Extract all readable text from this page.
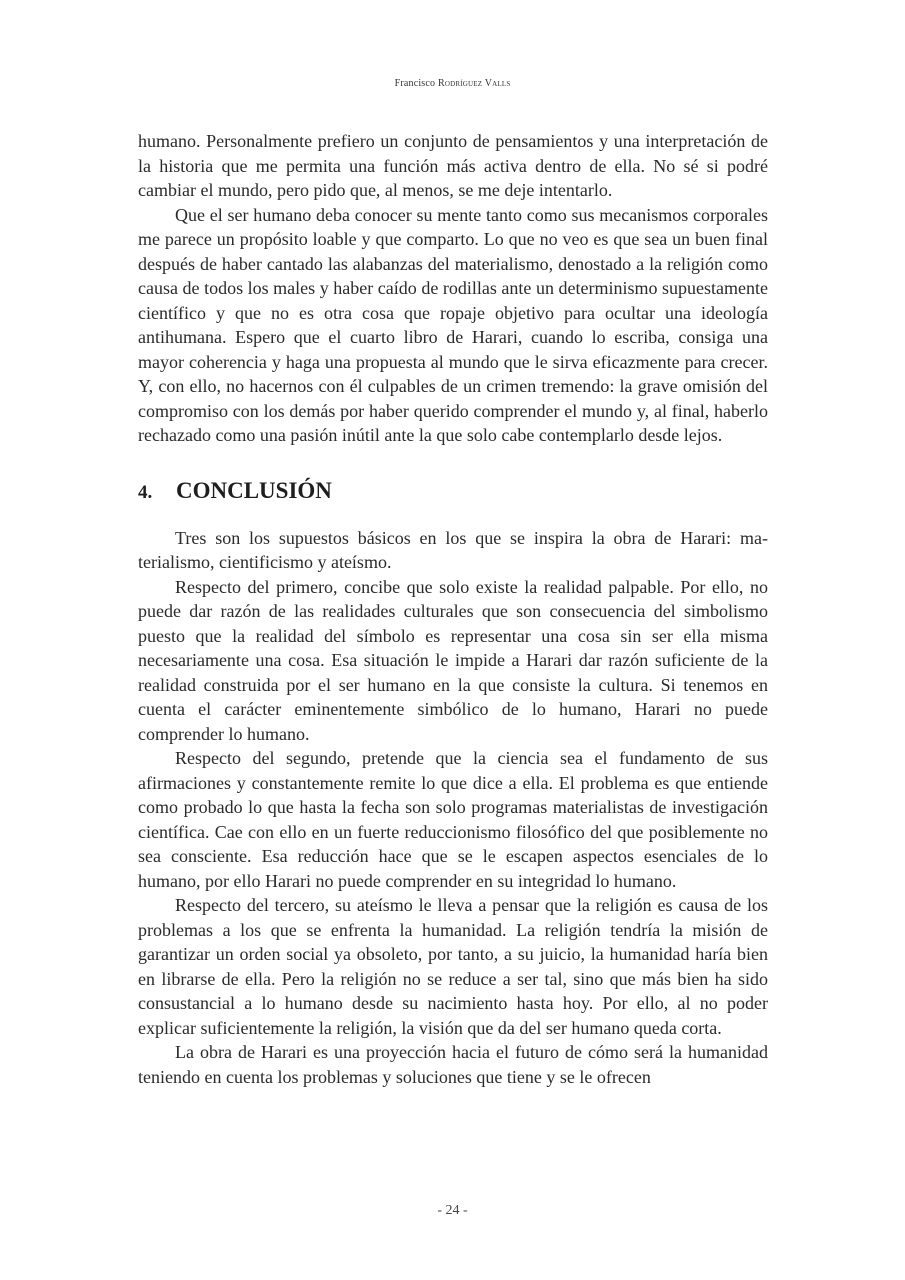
Francisco Rodríguez Valls

humano. Personalmente prefiero un conjunto de pensamientos y una interpretación de la historia que me permita una función más activa dentro de ella. No sé si podré cambiar el mundo, pero pido que, al menos, se me deje intentarlo.

Que el ser humano deba conocer su mente tanto como sus mecanismos corporales me parece un propósito loable y que comparto. Lo que no veo es que sea un buen final después de haber cantado las alabanzas del materialismo, denostado a la religión como causa de todos los males y haber caído de rodillas ante un determinismo supuestamente científico y que no es otra cosa que ropaje objetivo para ocultar una ideología antihumana. Espero que el cuarto libro de Harari, cuando lo escriba, consiga una mayor coherencia y haga una propuesta al mundo que le sirva eficazmente para crecer. Y, con ello, no hacernos con él culpables de un crimen tremendo: la grave omisión del compromiso con los demás por haber querido comprender el mundo y, al final, haberlo rechazado como una pasión inútil ante la que solo cabe contemplarlo desde lejos.

4.	CONCLUSIÓN

Tres son los supuestos básicos en los que se inspira la obra de Harari: materialismo, cientificismo y ateísmo.

Respecto del primero, concibe que solo existe la realidad palpable. Por ello, no puede dar razón de las realidades culturales que son consecuencia del simbolismo puesto que la realidad del símbolo es representar una cosa sin ser ella misma necesariamente una cosa. Esa situación le impide a Harari dar razón suficiente de la realidad construida por el ser humano en la que consiste la cultura. Si tenemos en cuenta el carácter eminentemente simbólico de lo humano, Harari no puede comprender lo humano.

Respecto del segundo, pretende que la ciencia sea el fundamento de sus afirmaciones y constantemente remite lo que dice a ella. El problema es que entiende como probado lo que hasta la fecha son solo programas materialistas de investigación científica. Cae con ello en un fuerte reduccionismo filosófico del que posiblemente no sea consciente. Esa reducción hace que se le escapen aspectos esenciales de lo humano, por ello Harari no puede comprender en su integridad lo humano.

Respecto del tercero, su ateísmo le lleva a pensar que la religión es causa de los problemas a los que se enfrenta la humanidad. La religión tendría la misión de garantizar un orden social ya obsoleto, por tanto, a su juicio, la humanidad haría bien en librarse de ella. Pero la religión no se reduce a ser tal, sino que más bien ha sido consustancial a lo humano desde su nacimiento hasta hoy. Por ello, al no poder explicar suficientemente la religión, la visión que da del ser humano queda corta.

La obra de Harari es una proyección hacia el futuro de cómo será la humanidad teniendo en cuenta los problemas y soluciones que tiene y se le ofrecen

- 24 -
